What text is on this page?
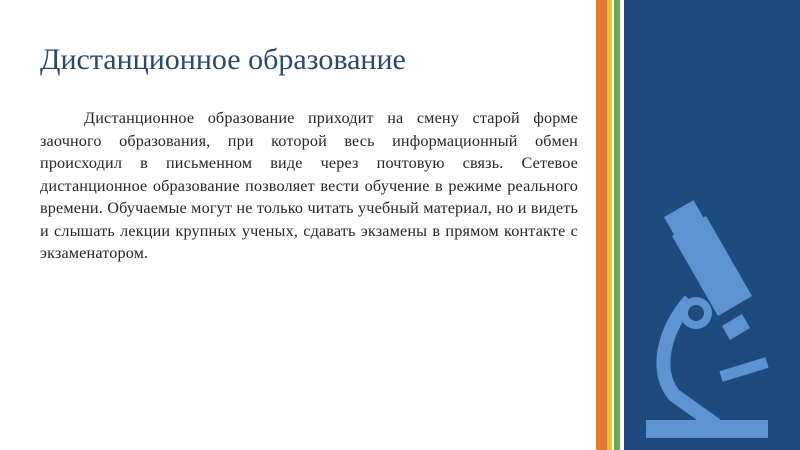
Дистанционное образование

Дистанционное образование приходит на смену старой форме заочного образования, при которой весь информационный обмен происходил в письменном виде через почтовую связь. Сетевое дистанционное образование позволяет вести обучение в режиме реального времени. Обучаемые могут не только читать учебный материал, но и видеть и слышать лекции крупных ученых, сдавать экзамены в прямом контакте с экзаменатором.
